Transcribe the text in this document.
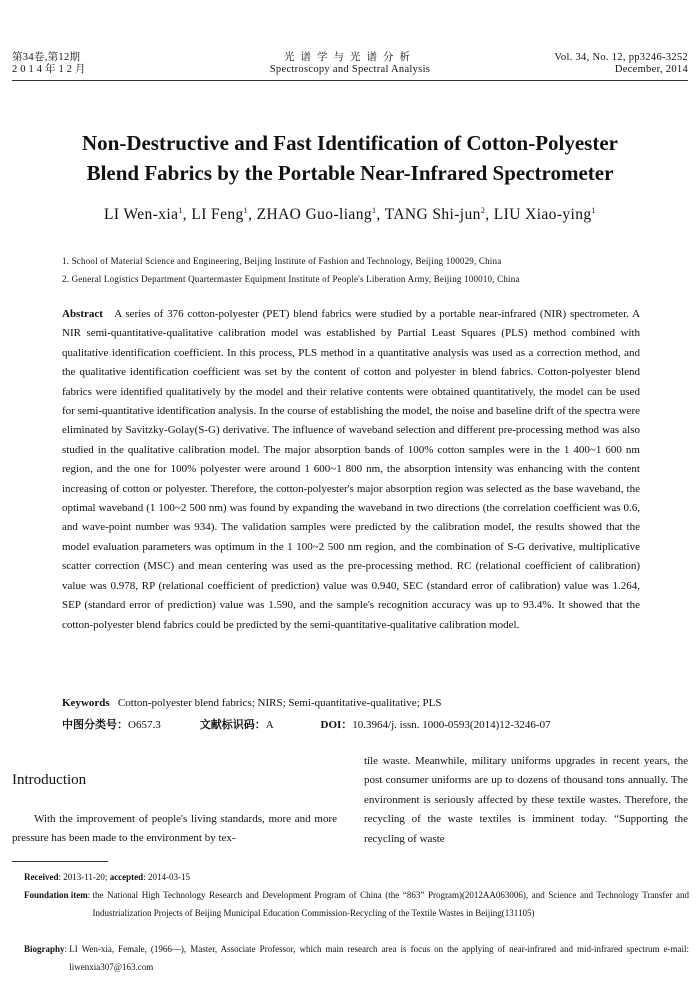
第34卷,第12期
2014年12月
光谱学与光谱分析
Spectroscopy and Spectral Analysis
Vol. 34, No. 12, pp3246-3252
December, 2014
Non-Destructive and Fast Identification of Cotton-Polyester
Blend Fabrics by the Portable Near-Infrared Spectrometer
LI Wen-xia$^1$, LI Feng$^1$, ZHAO Guo-liang$^1$, TANG Shi-jun$^2$, LIU Xiao-ying$^1$
1. School of Material Science and Engineering, Beijing Institute of Fashion and Technology, Beijing 100029, China
2. General Logistics Department Quartermaster Equipment Institute of People's Liberation Army, Beijing 100010, China
Abstract A series of 376 cotton-polyester (PET) blend fabrics were studied by a portable near-infrared (NIR) spectrometer. A NIR semi-quantitative-qualitative calibration model was established by Partial Least Squares (PLS) method combined with qualitative identification coefficient. In this process, PLS method in a quantitative analysis was used as a correction method, and the qualitative identification coefficient was set by the content of cotton and polyester in blend fabrics. Cotton-polyester blend fabrics were identified qualitatively by the model and their relative contents were obtained quantitatively, the model can be used for semi-quantitative identification analysis. In the course of establishing the model, the noise and baseline drift of the spectra were eliminated by Savitzky-Golay(S-G) derivative. The influence of waveband selection and different pre-processing method was also studied in the qualitative calibration model. The major absorption bands of 100% cotton samples were in the 1 400~1 600 nm region, and the one for 100% polyester were around 1 600~1 800 nm, the absorption intensity was enhancing with the content increasing of cotton or polyester. Therefore, the cotton-polyester's major absorption region was selected as the base waveband, the optimal waveband (1 100~2 500 nm) was found by expanding the waveband in two directions (the correlation coefficient was 0.6, and wave-point number was 934). The validation samples were predicted by the calibration model, the results showed that the model evaluation parameters was optimum in the 1 100~2 500 nm region, and the combination of S-G derivative, multiplicative scatter correction (MSC) and mean centering was used as the pre-processing method. RC (relational coefficient of calibration) value was 0.978, RP (relational coefficient of prediction) value was 0.940, SEC (standard error of calibration) value was 1.264, SEP (standard error of prediction) value was 1.590, and the sample's recognition accuracy was up to 93.4%. It showed that the cotton-polyester blend fabrics could be predicted by the semi-quantitative-qualitative calibration model.
Keywords Cotton-polyester blend fabrics; NIRS; Semi-quantitative-qualitative; PLS
中图分类号：O657.3	文献标识码：A	DOI：10.3964/j. issn. 1000-0593(2014)12-3246-07
Introduction
With the improvement of people's living standards, more and more pressure has been made to the environment by tex-
tile waste. Meanwhile, military uniforms upgrades in recent years, the post consumer uniforms are up to dozens of thousand tons annually. The environment is seriously affected by these textile wastes. Therefore, the recycling of the waste textiles is imminent today. “Supporting the recycling of waste
Received: 2013-11-20; accepted: 2014-03-15
Foundation item: the National High Technology Research and Development Program of China (the “863” Program)(2012AA063006), and Science and Technology Transfer and Industrialization Projects of Beijing Municipal Education Commission-Recycling of the Textile Wastes in Beijing(131105)
Biography: LI Wen-xia, Female, (1966—), Master, Associate Professor, which main research area is focus on the applying of near-infrared and mid-infrared spectrum e-mail: liwenxia307@163.com
